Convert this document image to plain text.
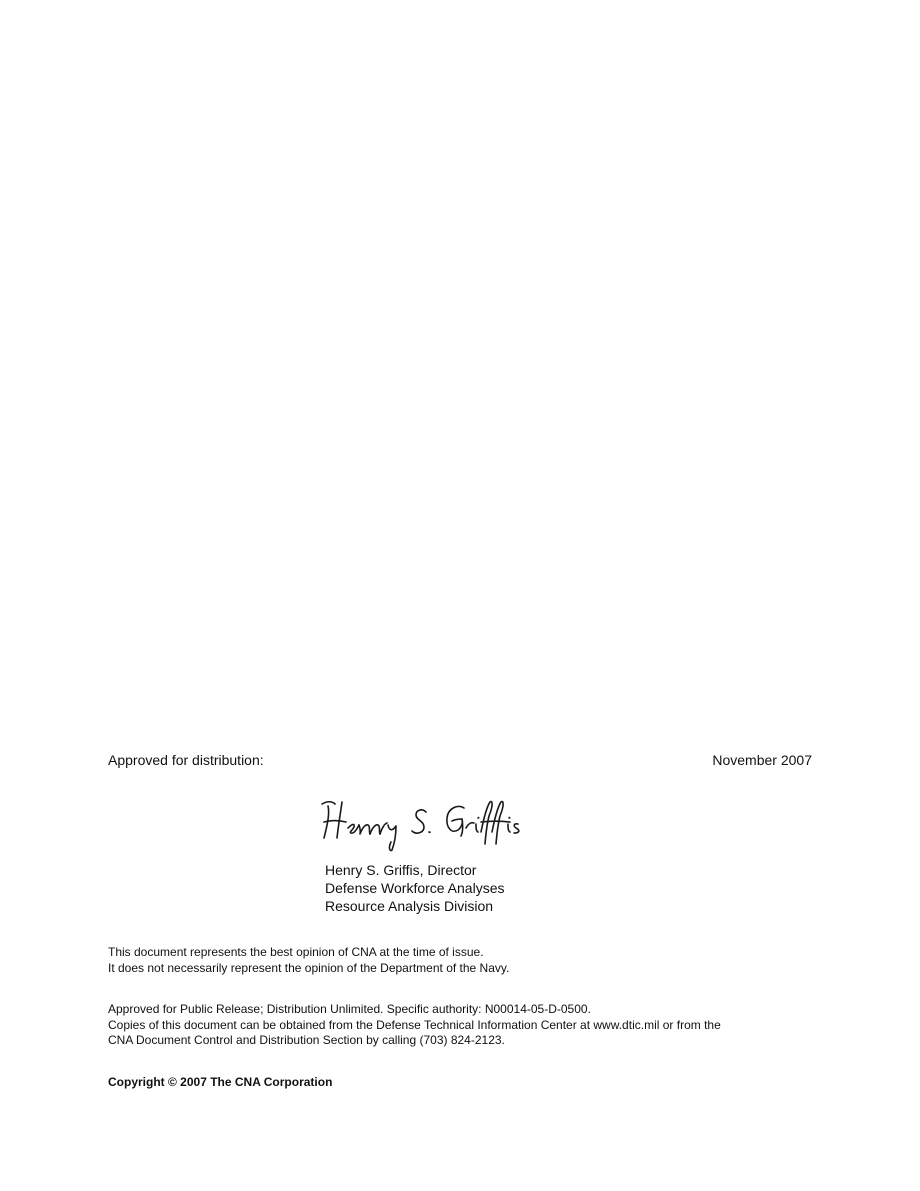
Approved for distribution:	November 2007
Henry S. Griffis, Director
Defense Workforce Analyses
Resource Analysis Division
This document represents the best opinion of CNA at the time of issue.
It does not necessarily represent the opinion of the Department of the Navy.
Approved for Public Release; Distribution Unlimited. Specific authority: N00014-05-D-0500.
Copies of this document can be obtained from the Defense Technical Information Center at www.dtic.mil or from the
CNA Document Control and Distribution Section by calling (703) 824-2123.
Copyright © 2007 The CNA Corporation
